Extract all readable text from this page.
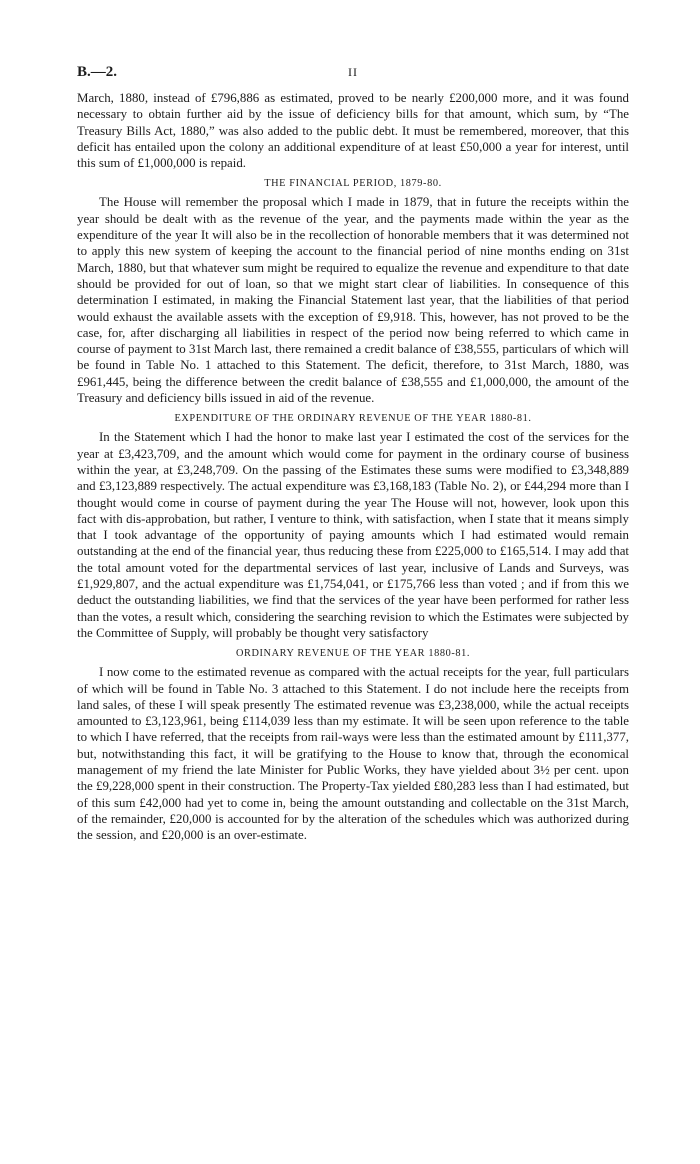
B.—2.	II

March, 1880, instead of £796,886 as estimated, proved to be nearly £200,000 more, and it was found necessary to obtain further aid by the issue of deficiency bills for that amount, which sum, by “The Treasury Bills Act, 1880,” was also added to the public debt. It must be remembered, moreover, that this deficit has entailed upon the colony an additional expenditure of at least £50,000 a year for interest, until this sum of £1,000,000 is repaid.

THE FINANCIAL PERIOD, 1879-80.

The House will remember the proposal which I made in 1879, that in future the receipts within the year should be dealt with as the revenue of the year, and the payments made within the year as the expenditure of the year It will also be in the recollection of honorable members that it was determined not to apply this new system of keeping the account to the financial period of nine months ending on 31st March, 1880, but that whatever sum might be required to equalize the revenue and expenditure to that date should be provided for out of loan, so that we might start clear of liabilities. In consequence of this determination I estimated, in making the Financial Statement last year, that the liabilities of that period would exhaust the available assets with the exception of £9,918. This, however, has not proved to be the case, for, after discharging all liabilities in respect of the period now being referred to which came in course of payment to 31st March last, there remained a credit balance of £38,555, particulars of which will be found in Table No. 1 attached to this Statement. The deficit, therefore, to 31st March, 1880, was £961,445, being the difference between the credit balance of £38,555 and £1,000,000, the amount of the Treasury and deficiency bills issued in aid of the revenue.

EXPENDITURE OF THE ORDINARY REVENUE OF THE YEAR 1880-81.

In the Statement which I had the honor to make last year I estimated the cost of the services for the year at £3,423,709, and the amount which would come for payment in the ordinary course of business within the year, at £3,248,709. On the passing of the Estimates these sums were modified to £3,348,889 and £3,123,889 respectively. The actual expenditure was £3,168,183 (Table No. 2), or £44,294 more than I thought would come in course of payment during the year The House will not, however, look upon this fact with dis-approbation, but rather, I venture to think, with satisfaction, when I state that it means simply that I took advantage of the opportunity of paying amounts which I had estimated would remain outstanding at the end of the financial year, thus reducing these from £225,000 to £165,514. I may add that the total amount voted for the departmental services of last year, inclusive of Lands and Surveys, was £1,929,807, and the actual expenditure was £1,754,041, or £175,766 less than voted ; and if from this we deduct the outstanding liabilities, we find that the services of the year have been performed for rather less than the votes, a result which, considering the searching revision to which the Estimates were subjected by the Committee of Supply, will probably be thought very satisfactory

ORDINARY REVENUE OF THE YEAR 1880-81.

I now come to the estimated revenue as compared with the actual receipts for the year, full particulars of which will be found in Table No. 3 attached to this Statement. I do not include here the receipts from land sales, of these I will speak presently The estimated revenue was £3,238,000, while the actual receipts amounted to £3,123,961, being £114,039 less than my estimate. It will be seen upon reference to the table to which I have referred, that the receipts from rail-ways were less than the estimated amount by £111,377, but, notwithstanding this fact, it will be gratifying to the House to know that, through the economical management of my friend the late Minister for Public Works, they have yielded about 3½ per cent. upon the £9,228,000 spent in their construction. The Property-Tax yielded £80,283 less than I had estimated, but of this sum £42,000 had yet to come in, being the amount outstanding and collectable on the 31st March, of the remainder, £20,000 is accounted for by the alteration of the schedules which was authorized during the session, and £20,000 is an over-estimate.
